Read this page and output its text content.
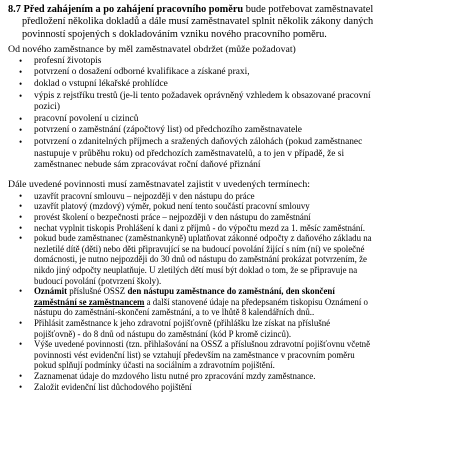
8.7 Před zahájením a po zahájení pracovního poměru bude potřebovat zaměstnavatel
předložení několika dokladů a dále musí zaměstnavatel splnit několik zákony daných
povinností spojených s dokladováním vzniku nového pracovního poměru.

Od nového zaměstnance by měl zaměstnavatel obdržet (může požadovat)

• profesní životopis
• potvrzení o dosažení odborné kvalifikace a získané praxi,
• doklad o vstupní lékařské prohlídce
• výpis z rejstříku trestů (je-li tento požadavek oprávněný vzhledem k obsazované pracovní
pozici)
• pracovní povolení u cizinců
• potvrzení o zaměstnání (zápočtový list) od předchozího zaměstnavatele
• potvrzení o zdanitelných příjmech a sražených daňových zálohách (pokud zaměstnanec
nastupuje v průběhu roku) od předchozích zaměstnavatelů, a to jen v případě, že si
zaměstnanec nebude sám zpracovávat roční daňové přiznání

Dále uvedené povinnosti musí zaměstnavatel zajistit v uvedených termínech:

• uzavřít pracovní smlouvu – nejpozději v den nástupu do práce
• uzavřít platový (mzdový) výměr, pokud není tento součástí pracovní smlouvy
• provést školení o bezpečnosti práce – nejpozději v den nástupu do zaměstnání
• nechat vyplnit tiskopis Prohlášení k dani z příjmů - do výpočtu mezd za 1. měsíc zaměstnání.
• pokud bude zaměstnanec (zaměstnankyně) uplatňovat zákonné odpočty z daňového základu na
nezletilé dítě (děti) nebo děti připravující se na budoucí povolání žijící s ním (ní) ve společné
domácnosti, je nutno nejpozději do 30 dnů od nástupu do zaměstnání prokázat potvrzením, že
nikdo jiný odpočty neuplatňuje. U zletilých dětí musí být doklad o tom, že se připravuje na
budoucí povolání (potvrzení školy).
• Oznámit příslušné OSSZ den nástupu zaměstnance do zaměstnání, den skončení
zaměstnání se zaměstnancem a další stanovené údaje na předepsaném tiskopisu Oznámení o
nástupu do zaměstnání-skončení zaměstnání, a to ve lhůtě 8 kalendářních dnů..
• Přihlásit zaměstnance k jeho zdravotní pojišťovně (přihlášku lze získat na příslušné
pojišťovně) - do 8 dnů od nástupu do zaměstnání (kód P kromě cizinců).
• Výše uvedené povinnosti (tzn. přihlašování na OSSZ a příslušnou zdravotní pojišťovnu včetně
povinnosti vést evidenční list) se vztahují především na zaměstnance v pracovním poměru
pokud splňují podmínky účasti na sociálním a zdravotním pojištění.
• Zaznamenat údaje do mzdového listu nutné pro zpracování mzdy zaměstnance.
• Založit evidenční list důchodového pojištění
